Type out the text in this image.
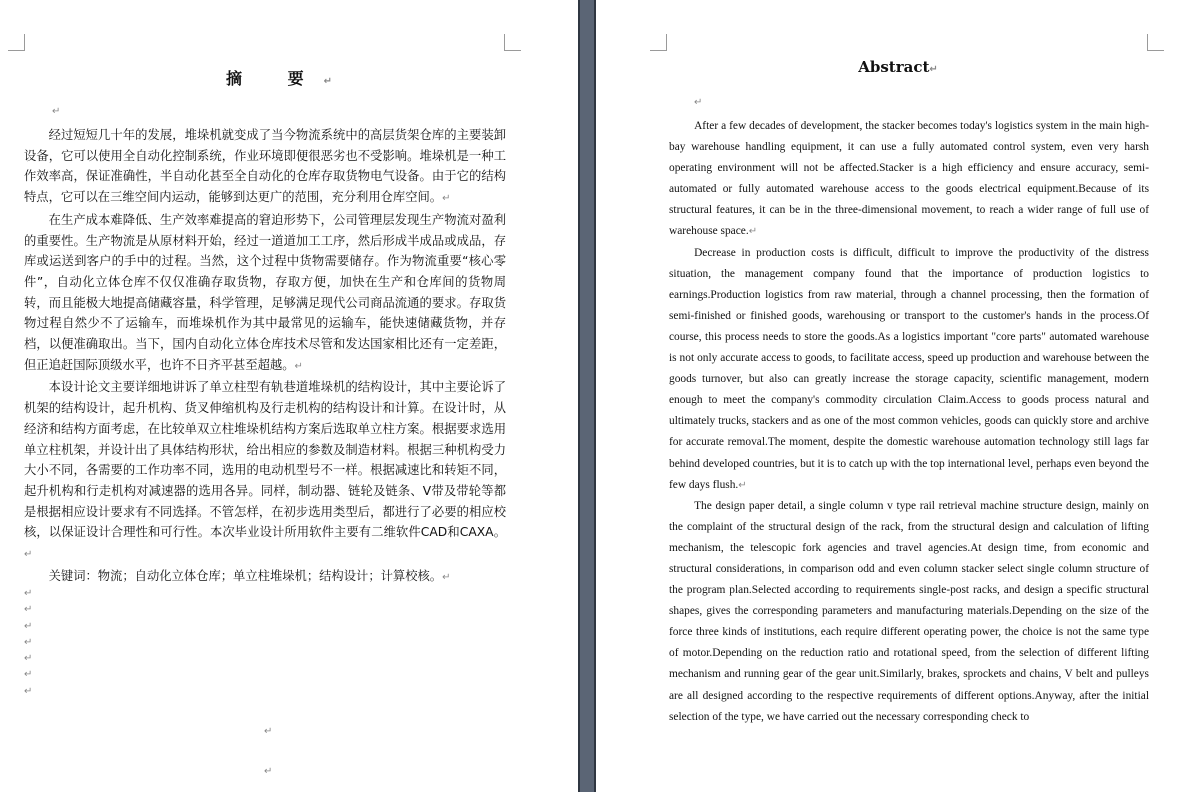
摘 要↵
↵

经过短短几十年的发展，堆垛机就变成了当今物流系统中的高层货架仓库的主要装卸设备，它可以使用全自动化控制系统，作业环境即便很恶劣也不受影响。堆垛机是一种工作效率高，保证准确性，半自动化甚至全自动化的仓库存取货物电气设备。由于它的结构特点，它可以在三维空间内运动，能够到达更广的范围，充分利用仓库空间。↵

在生产成本难降低、生产效率难提高的窘迫形势下，公司管理层发现生产物流对盈利的重要性。生产物流是从原材料开始，经过一道道加工工序，然后形成半成品或成品，存库或运送到客户的手中的过程。当然，这个过程中货物需要储存。作为物流重要“核心零件”，自动化立体仓库不仅仅准确存取货物，存取方便，加快在生产和仓库间的货物周转，而且能极大地提高储藏容量，科学管理，足够满足现代公司商品流通的要求。存取货物过程自然少不了运输车，而堆垛机作为其中最常见的运输车，能快速储藏货物，并存档，以便准确取出。当下，国内自动化立体仓库技术尽管和发达国家相比还有一定差距，但正追赶国际顶级水平，也许不日齐平甚至超越。↵

本设计论文主要详细地讲诉了单立柱型有轨巷道堆垛机的结构设计，其中主要论诉了机架的结构设计，起升机构、货叉伸缩机构及行走机构的结构设计和计算。在设计时，从经济和结构方面考虑，在比较单双立柱堆垛机结构方案后选取单立柱方案。根据要求选用单立柱机架，并设计出了具体结构形状，给出相应的参数及制造材料。根据三种机构受力大小不同，各需要的工作功率不同，选用的电动机型号不一样。根据减速比和转矩不同，起升机构和行走机构对减速器的选用各异。同样，制动器、链轮及链条、V带及带轮等都是根据相应设计要求有不同选择。不管怎样，在初步选用类型后，都进行了必要的相应校核，以保证设计合理性和可行性。本次毕业设计所用软件主要有二维软件CAD和CAXA。↵

关键词：物流；自动化立体仓库；单立柱堆垛机；结构设计；计算校核。↵

↵
↵
↵
↵
↵
↵
↵
↵
↵
Abstract↵
↵

After a few decades of development, the stacker becomes today's logistics system in the main high-bay warehouse handling equipment, it can use a fully automated control system, even very harsh operating environment will not be affected.Stacker is a high efficiency and ensure accuracy, semi-automated or fully automated warehouse access to the goods electrical equipment.Because of its structural features, it can be in the three-dimensional movement, to reach a wider range of full use of warehouse space.↵

Decrease in production costs is difficult, difficult to improve the productivity of the distress situation, the management company found that the importance of production logistics to earnings.Production logistics from raw material, through a channel processing, then the formation of semi-finished or finished goods, warehousing or transport to the customer's hands in the process.Of course, this process needs to store the goods.As a logistics important "core parts" automated warehouse is not only accurate access to goods, to facilitate access, speed up production and warehouse between the goods turnover, but also can greatly increase the storage capacity, scientific management, modern enough to meet the company's commodity circulation Claim.Access to goods process natural and ultimately trucks, stackers and as one of the most common vehicles, goods can quickly store and archive for accurate removal.The moment, despite the domestic warehouse automation technology still lags far behind developed countries, but it is to catch up with the top international level, perhaps even beyond the few days flush.↵

The design paper detail, a single column v type rail retrieval machine structure design, mainly on the complaint of the structural design of the rack, from the structural design and calculation of lifting mechanism, the telescopic fork agencies and travel agencies.At design time, from economic and structural considerations, in comparison odd and even column stacker select single column structure of the program plan.Selected according to requirements single-post racks, and design a specific structural shapes, gives the corresponding parameters and manufacturing materials.Depending on the size of the force three kinds of institutions, each require different operating power, the choice is not the same type of motor.Depending on the reduction ratio and rotational speed, from the selection of different lifting mechanism and running gear of the gear unit.Similarly, brakes, sprockets and chains, V belt and pulleys are all designed according to the respective requirements of different options.Anyway, after the initial selection of the type, we have carried out the necessary corresponding check to
